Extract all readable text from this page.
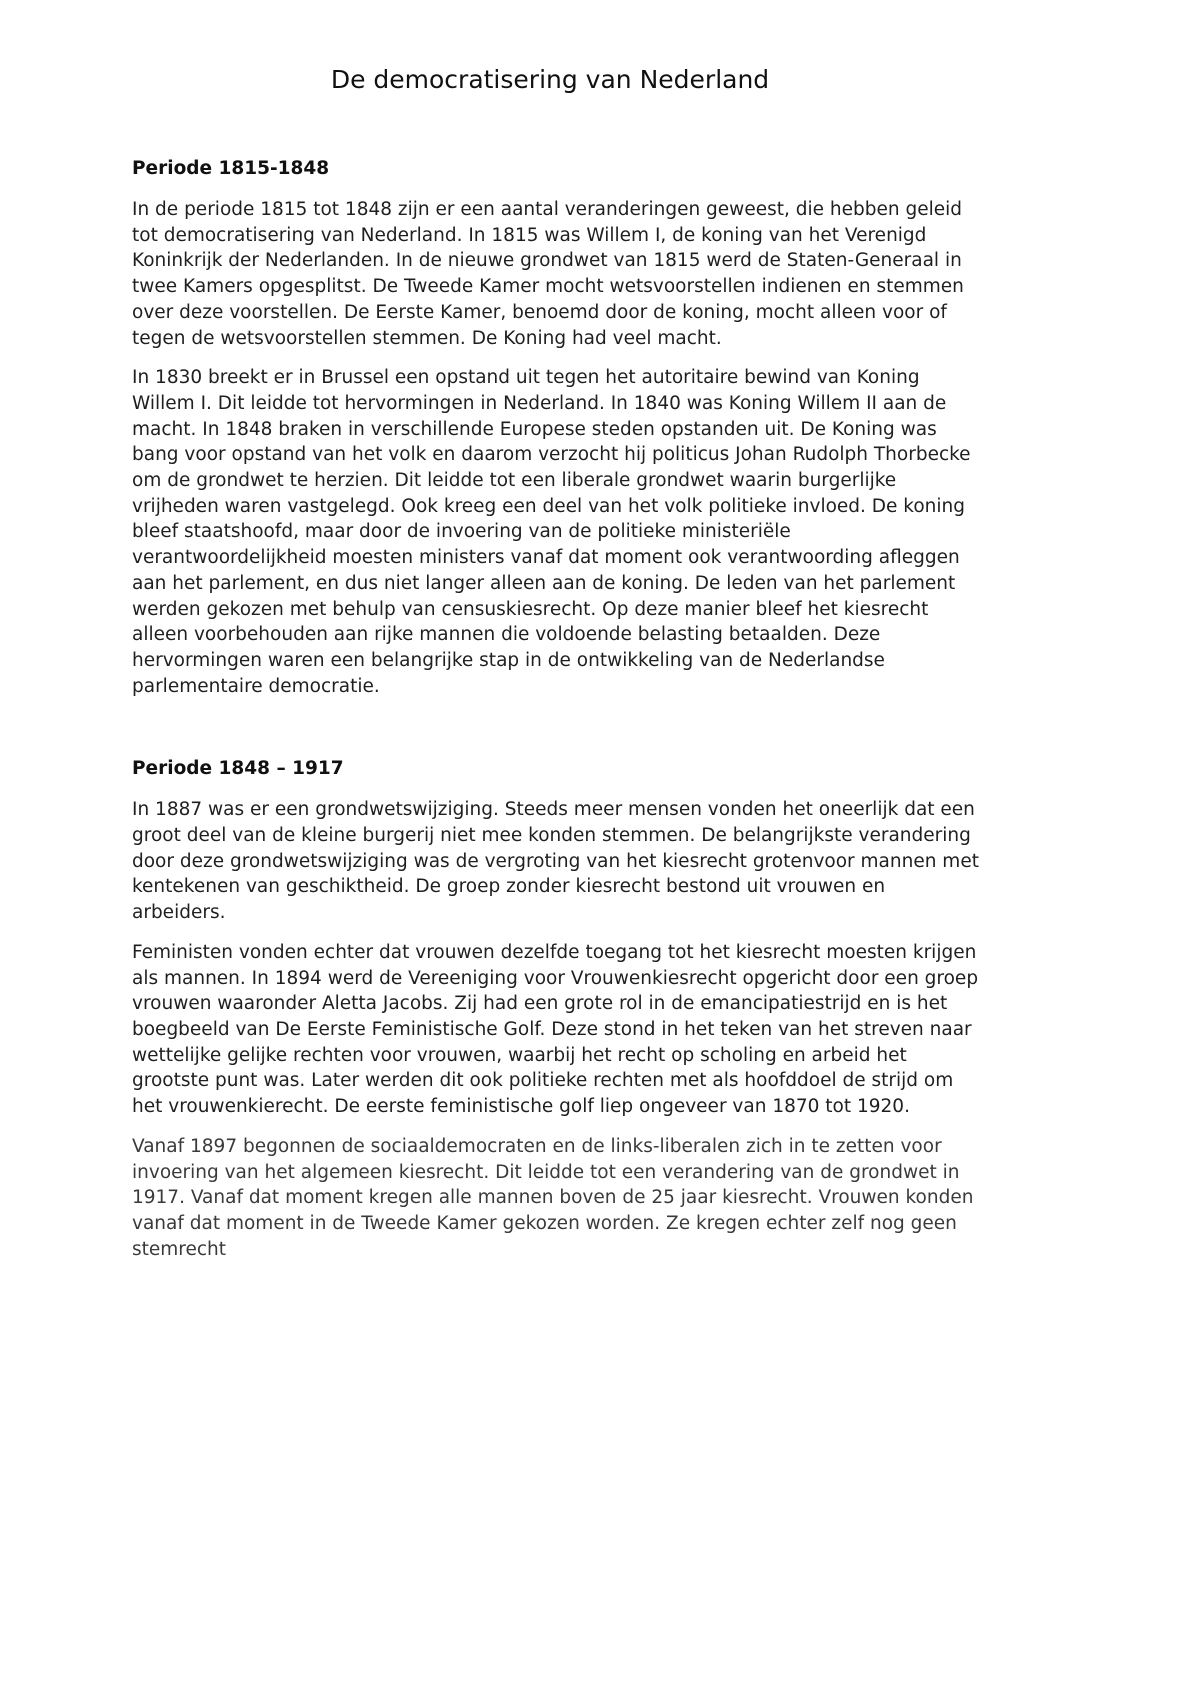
De democratisering van Nederland
Periode 1815-1848

In de periode 1815 tot 1848 zijn er een aantal veranderingen geweest, die hebben geleid tot democratisering van Nederland. In 1815 was Willem I, de koning van het Verenigd Koninkrijk der Nederlanden. In de nieuwe grondwet van 1815 werd de Staten-Generaal in twee Kamers opgesplitst. De Tweede Kamer mocht wetsvoorstellen indienen en stemmen over deze voorstellen. De Eerste Kamer, benoemd door de koning, mocht alleen voor of tegen de wetsvoorstellen stemmen. De Koning had veel macht.

In 1830 breekt er in Brussel een opstand uit tegen het autoritaire bewind van Koning Willem I. Dit leidde tot hervormingen in Nederland. In 1840 was Koning Willem II aan de macht. In 1848 braken in verschillende Europese steden opstanden uit. De Koning was bang voor opstand van het volk en daarom verzocht hij politicus Johan Rudolph Thorbecke om de grondwet te herzien. Dit leidde tot een liberale grondwet waarin burgerlijke vrijheden waren vastgelegd. Ook kreeg een deel van het volk politieke invloed. De koning bleef staatshoofd, maar door de invoering van de politieke ministeriële verantwoordelijkheid moesten ministers vanaf dat moment ook verantwoording afleggen aan het parlement, en dus niet langer alleen aan de koning. De leden van het parlement werden gekozen met behulp van censuskiesrecht. Op deze manier bleef het kiesrecht alleen voorbehouden aan rijke mannen die voldoende belasting betaalden. Deze hervormingen waren een belangrijke stap in de ontwikkeling van de Nederlandse parlementaire democratie.

Periode 1848 – 1917

In 1887 was er een grondwetswijziging. Steeds meer mensen vonden het oneerlijk dat een groot deel van de kleine burgerij niet mee konden stemmen. De belangrijkste verandering door deze grondwetswijziging was de vergroting van het kiesrecht grotenvoor mannen met kentekenen van geschiktheid. De groep zonder kiesrecht bestond uit vrouwen en arbeiders.

Feministen vonden echter dat vrouwen dezelfde toegang tot het kiesrecht moesten krijgen als mannen. In 1894 werd de Vereeniging voor Vrouwenkiesrecht opgericht door een groep vrouwen waaronder Aletta Jacobs. Zij had een grote rol in de emancipatiestrijd en is het boegbeeld van De Eerste Feministische Golf. Deze stond in het teken van het streven naar wettelijke gelijke rechten voor vrouwen, waarbij het recht op scholing en arbeid het grootste punt was. Later werden dit ook politieke rechten met als hoofddoel de strijd om het vrouwenkierecht. De eerste feministische golf liep ongeveer van 1870 tot 1920.

Vanaf 1897 begonnen de sociaaldemocraten en de links-liberalen zich in te zetten voor invoering van het algemeen kiesrecht. Dit leidde tot een verandering van de grondwet in 1917. Vanaf dat moment kregen alle mannen boven de 25 jaar kiesrecht. Vrouwen konden vanaf dat moment in de Tweede Kamer gekozen worden. Ze kregen echter zelf nog geen stemrecht
